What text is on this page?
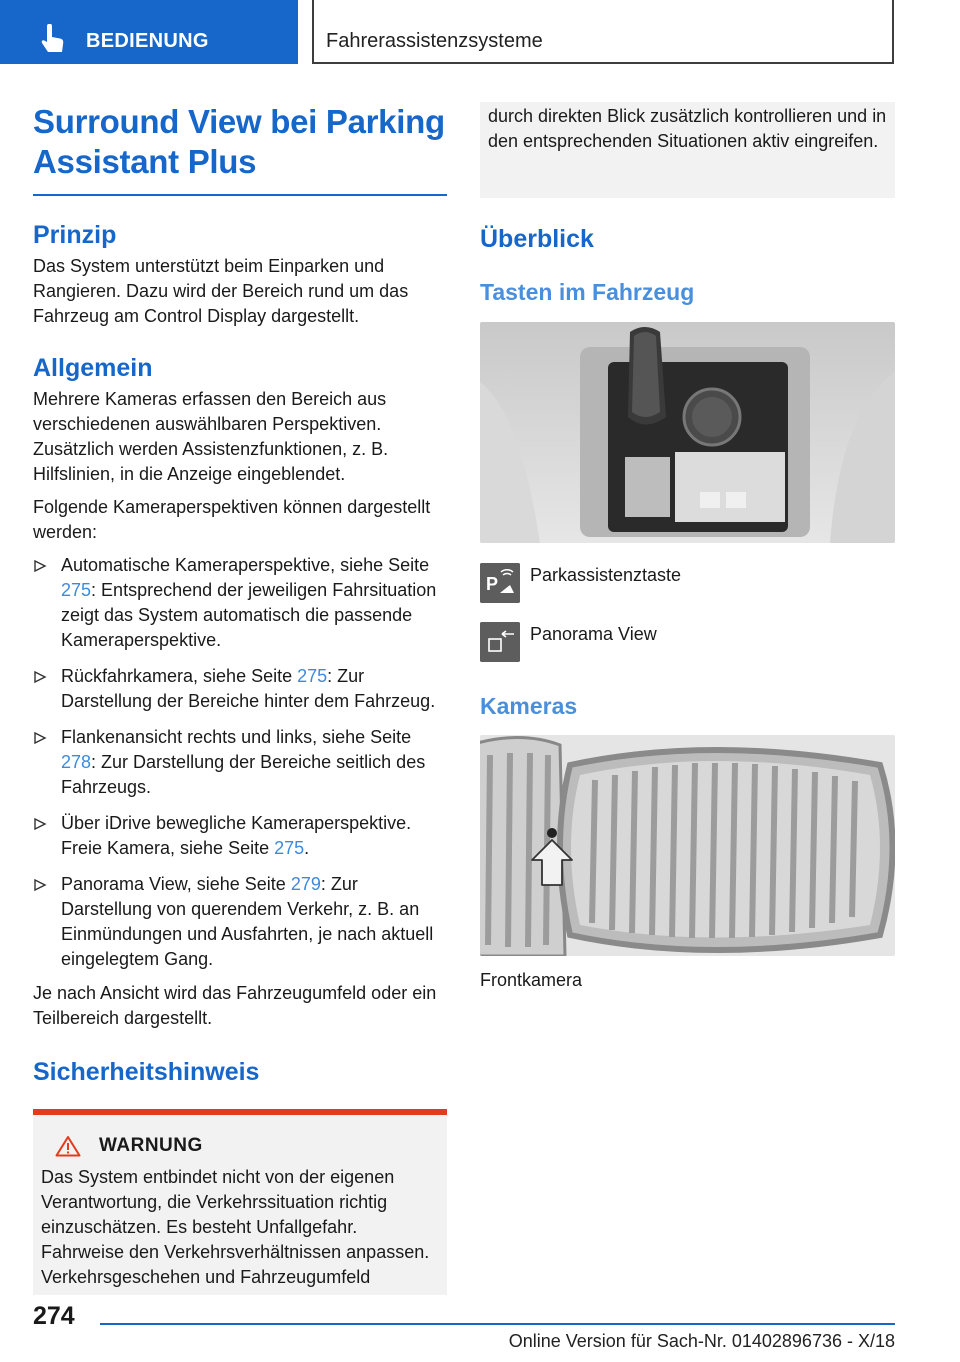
BEDIENUNG	Fahrerassistenzsysteme
Surround View bei Parking Assistant Plus
Prinzip

Das System unterstützt beim Einparken und Rangieren. Dazu wird der Bereich rund um das Fahrzeug am Control Display dargestellt.

Allgemein

Mehrere Kameras erfassen den Bereich aus verschiedenen auswählbaren Perspektiven. Zusätzlich werden Assistenzfunktionen, z. B. Hilfslinien, in die Anzeige eingeblendet.

Folgende Kameraperspektiven können dargestellt werden:

Automatische Kameraperspektive, siehe Seite 275: Entsprechend der jeweiligen Fahrsituation zeigt das System automatisch die passende Kameraperspektive.
Rückfahrkamera, siehe Seite 275: Zur Darstellung der Bereiche hinter dem Fahrzeug.
Flankenansicht rechts und links, siehe Seite 278: Zur Darstellung der Bereiche seitlich des Fahrzeugs.
Über iDrive bewegliche Kameraperspektive. Freie Kamera, siehe Seite 275.
Panorama View, siehe Seite 279: Zur Darstellung von querendem Verkehr, z. B. an Einmündungen und Ausfahrten, je nach aktuell eingelegtem Gang.

Je nach Ansicht wird das Fahrzeugumfeld oder ein Teilbereich dargestellt.

Sicherheitshinweis
WARNUNG

Das System entbindet nicht von der eigenen Verantwortung, die Verkehrssituation richtig einzuschätzen. Es besteht Unfallgefahr. Fahrweise den Verkehrsverhältnissen anpassen. Verkehrsgeschehen und Fahrzeugumfeld

durch direkten Blick zusätzlich kontrollieren und in den entsprechenden Situationen aktiv eingreifen.

Überblick
Tasten im Fahrzeug
P Parkassistenztaste
Panorama View
Kameras

Frontkamera

274
Online Version für Sach-Nr. 01402896736 - X/18
